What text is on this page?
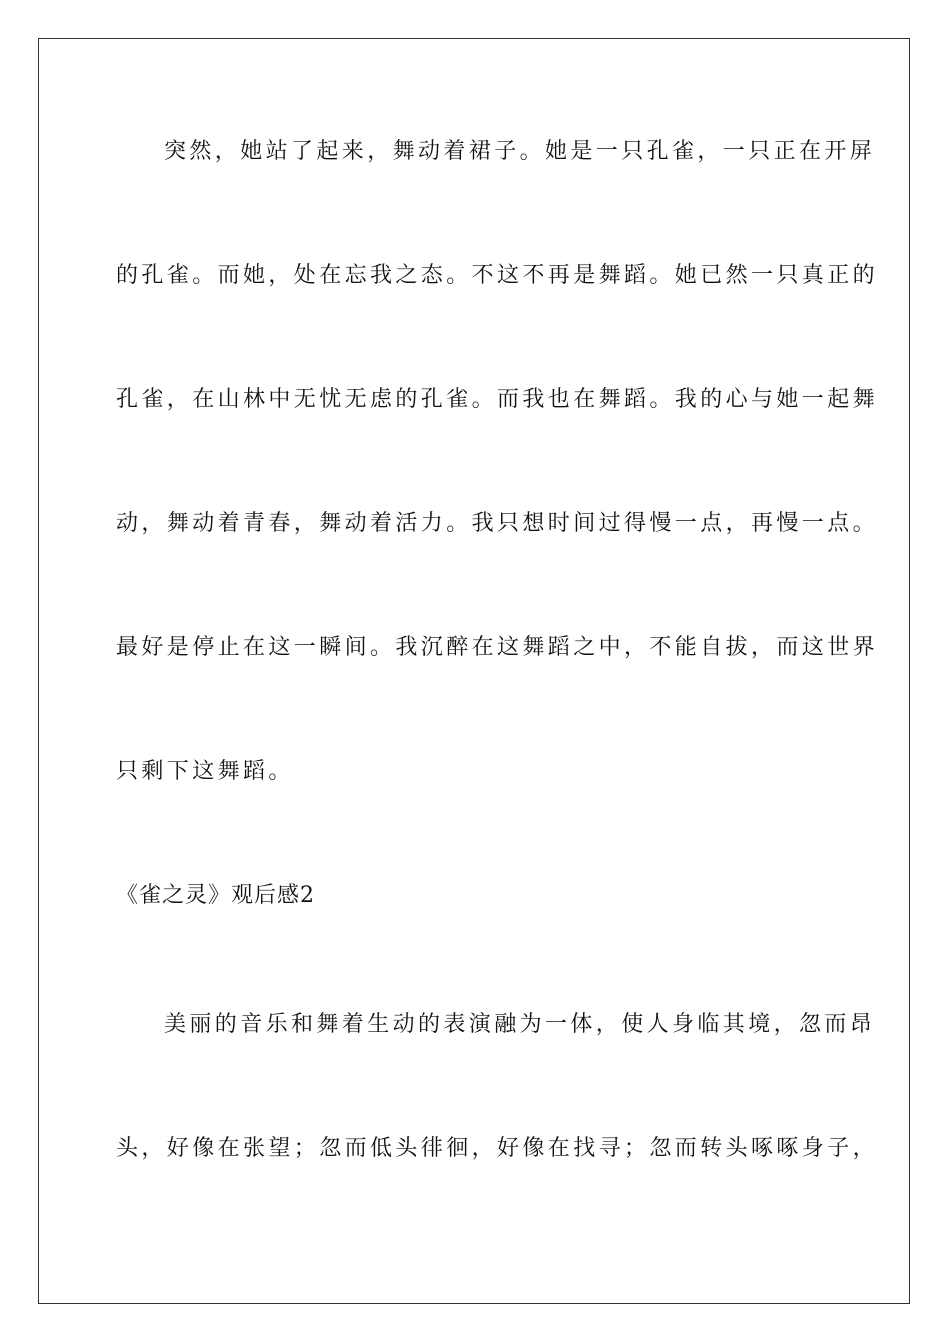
突然，她站了起来，舞动着裙子。她是一只孔雀，一只正在开屏
的孔雀。而她，处在忘我之态。不这不再是舞蹈。她已然一只真正的
孔雀，在山林中无忧无虑的孔雀。而我也在舞蹈。我的心与她一起舞
动，舞动着青春，舞动着活力。我只想时间过得慢一点，再慢一点。
最好是停止在这一瞬间。我沉醉在这舞蹈之中，不能自拔，而这世界
只剩下这舞蹈。
《雀之灵》观后感2
美丽的音乐和舞着生动的表演融为一体，使人身临其境，忽而昂
头，好像在张望；忽而低头徘徊，好像在找寻；忽而转头啄啄身子，
